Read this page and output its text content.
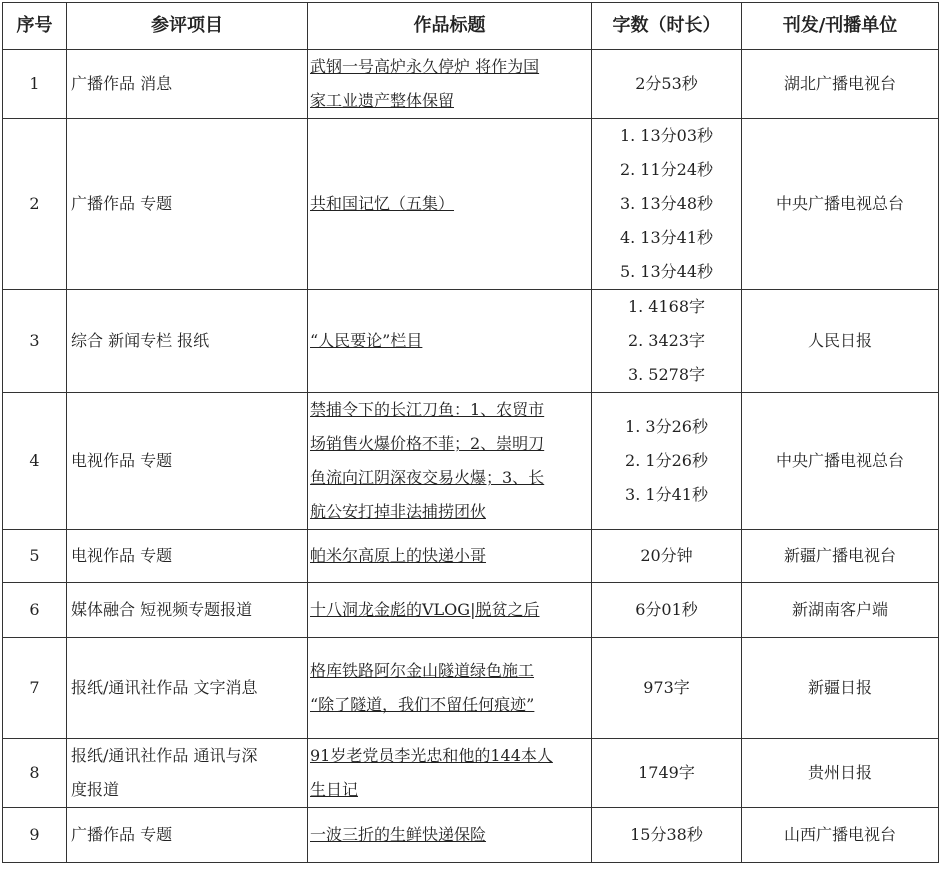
序号	参评项目	作品标题	字数（时长）	刊发/刊播单位
1	广播作品 消息	武钢一号高炉永久停炉 将作为国
家工业遗产整体保留	2分53秒	湖北广播电视台
2	广播作品 专题	共和国记忆（五集）	1. 13分03秒
2. 11分24秒
3. 13分48秒
4. 13分41秒
5. 13分44秒	中央广播电视总台
3	综合 新闻专栏 报纸	“人民要论”栏目	1. 4168字
2. 3423字
3. 5278字	人民日报
4	电视作品 专题	禁捕令下的长江刀鱼：1、农贸市
场销售火爆价格不菲；2、崇明刀
鱼流向江阴深夜交易火爆；3、长
航公安打掉非法捕捞团伙	1. 3分26秒
2. 1分26秒
3. 1分41秒	中央广播电视总台
5	电视作品 专题	帕米尔高原上的快递小哥	20分钟	新疆广播电视台
6	媒体融合 短视频专题报道	十八洞龙金彪的VLOG|脱贫之后	6分01秒	新湖南客户端
7	报纸/通讯社作品 文字消息	格库铁路阿尔金山隧道绿色施工
“除了隧道，我们不留任何痕迹”	973字	新疆日报
8	报纸/通讯社作品 通讯与深
度报道	91岁老党员李光忠和他的144本人
生日记	1749字	贵州日报
9	广播作品 专题	一波三折的生鲜快递保险	15分38秒	山西广播电视台
